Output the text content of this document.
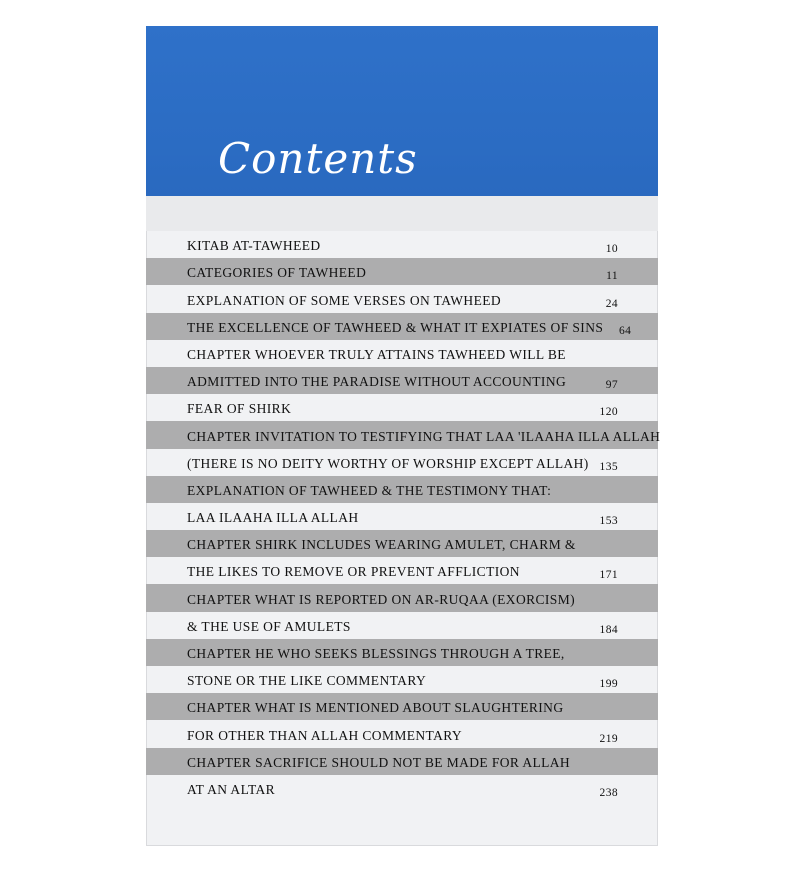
Contents
KITAB AT-TAWHEED	10
CATEGORIES OF TAWHEED	11
EXPLANATION OF SOME VERSES ON TAWHEED	24
THE EXCELLENCE OF TAWHEED & WHAT IT EXPIATES OF SINS	64
CHAPTER WHOEVER TRULY ATTAINS TAWHEED WILL BE
ADMITTED INTO THE PARADISE WITHOUT ACCOUNTING	97
FEAR OF SHIRK	120
CHAPTER INVITATION TO TESTIFYING THAT LAA 'ILAAHA ILLA ALLAH
(THERE IS NO DEITY WORTHY OF WORSHIP EXCEPT ALLAH) 135
EXPLANATION OF TAWHEED & THE TESTIMONY THAT:
LAA ILAAHA ILLA ALLAH	153
CHAPTER SHIRK INCLUDES WEARING AMULET, CHARM &
THE LIKES TO REMOVE OR PREVENT AFFLICTION	171
CHAPTER WHAT IS REPORTED ON AR-RUQAA (EXORCISM)
& THE USE OF AMULETS	184
CHAPTER HE WHO SEEKS BLESSINGS THROUGH A TREE,
STONE OR THE LIKE COMMENTARY	199
CHAPTER WHAT IS MENTIONED ABOUT SLAUGHTERING
FOR OTHER THAN ALLAH COMMENTARY	219
CHAPTER SACRIFICE SHOULD NOT BE MADE FOR ALLAH
AT AN ALTAR	238
